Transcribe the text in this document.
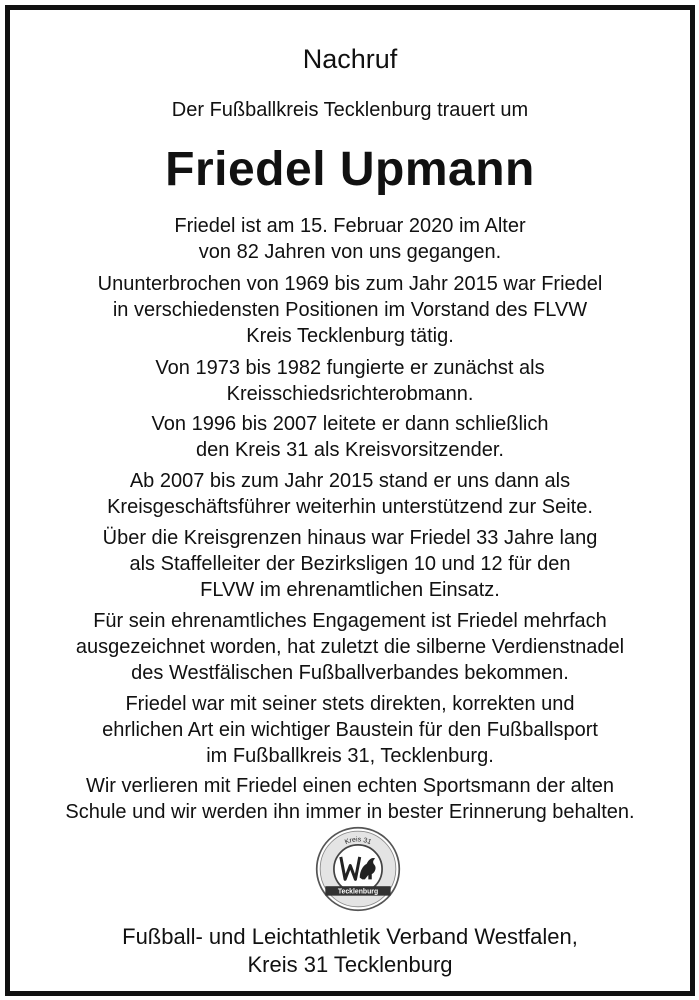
Nachruf
Der Fußballkreis Tecklenburg trauert um
Friedel Upmann
Friedel ist am 15. Februar 2020 im Alter
von 82 Jahren von uns gegangen.
Ununterbrochen von 1969 bis zum Jahr 2015 war Friedel
in verschiedensten Positionen im Vorstand des FLVW
Kreis Tecklenburg tätig.
Von 1973 bis 1982 fungierte er zunächst als
Kreisschiedsrichterobmann.
Von 1996 bis 2007 leitete er dann schließlich
den Kreis 31 als Kreisvorsitzender.
Ab 2007 bis zum Jahr 2015 stand er uns dann als
Kreisgeschäftsführer weiterhin unterstützend zur Seite.
Über die Kreisgrenzen hinaus war Friedel 33 Jahre lang
als Staffelleiter der Bezirksligen 10 und 12 für den
FLVW im ehrenamtlichen Einsatz.
Für sein ehrenamtliches Engagement ist Friedel mehrfach
ausgezeichnet worden, hat zuletzt die silberne Verdienstnadel
des Westfälischen Fußballverbandes bekommen.
Friedel war mit seiner stets direkten, korrekten und
ehrlichen Art ein wichtiger Baustein für den Fußballsport
im Fußballkreis 31, Tecklenburg.
Wir verlieren mit Friedel einen echten Sportsmann der alten
Schule und wir werden ihn immer in bester Erinnerung behalten.
Kreis 31
Tecklenburg
Fußball- und Leichtathletik Verband Westfalen,
Kreis 31 Tecklenburg
